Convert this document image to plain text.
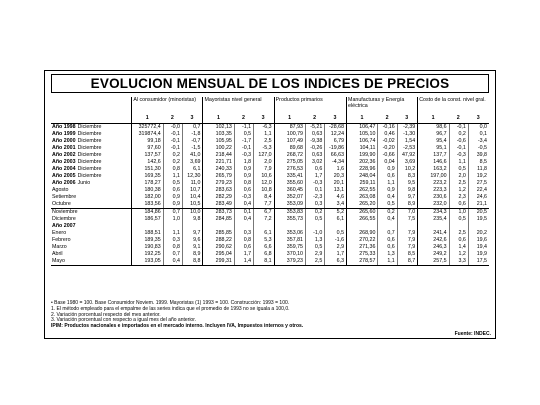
EVOLUCION MENSUAL DE LOS INDICES DE PRECIOS
	Al consumidor (minoristas)			Mayoristas nivel general			Productos primarios			Manufacturas y Energía eléctrica			Costo de la const. nivel gral.		
	1	2	3	1	2	3	1	2	3	1	2	3	1	2	3
Año 1998 Diciembre	325772,4	-0,0	0,7	102,13	-1,1	-6,3	87,93	-5,21	-28,68	106,47	-0,16	-2,39	98,6	-0,1	0,0
Año 1999 Diciembre	319874,4	-0,1	-1,8	103,35	0,5	1,1	100,79	0,63	12,24	105,10	0,46	-1,30	96,7	0,2	0,1
Año 2000 Diciembre	99,18	-0,1	-0,7	105,95	-1,7	2,5	107,49	-9,38	6,79	106,74	-0,02	1,54	95,4	-0,6	-3,4
Año 2001 Diciembre	97,60	-0,1	-1,5	100,22	-0,1	-5,3	89,68	-0,26	-19,86	104,11	-0,20	-2,53	95,1	-0,1	-0,5
Año 2002 Diciembre	137,57	0,2	41,0	218,44	-0,3	127,0	268,72	0,63	66,63	199,90	-0,66	47,92	137,7	-0,3	39,8
Año 2003 Diciembre	142,6	0,2	3,69	221,71	1,8	2,0	275,05	3,02	-4,34	202,36	0,04	3,69	146,6	1,1	8,5
Año 2004 Diciembre	151,30	0,8	6,1	240,33	0,9	7,9	276,53	0,6	1,6	228,96	0,9	10,2	163,2	0,5	11,8
Año 2005 Diciembre	169,35	1,1	12,30	265,79	0,9	10,6	335,41	1,7	20,3	248,04	0,6	8,3	197,00	2,0	19,2
Año 2006 Junio	178,27	0,5	11,0	279,23	0,8	12,0	355,60	-0,3	20,1	259,11	1,1	9,5	223,2	2,5	27,5
Agosto	180,38	0,6	10,7	283,63	0,6	10,8	360,45	0,1	13,1	262,55	0,9	9,8	223,3	1,2	22,4
Setiembre	182,00	0,9	10,4	282,29	-0,3	8,4	352,07	-2,3	4,6	263,08	0,4	9,7	230,6	2,3	24,6
Octubre	183,56	0,9	10,5	283,49	0,4	7,7	353,09	0,3	3,4	265,20	0,5	8,9	232,0	0,6	21,1
Noviembre	184,86	0,7	10,0	283,73	0,1	6,7	353,83	0,2	5,2	265,60	0,2	7,0	234,3	1,0	20,5
Diciembre	186,57	1,0	9,8	284,85	0,4	7,2	355,73	0,5	6,1	266,55	0,4	7,5	235,4	0,5	19,5
Año 2007															
Enero	188,51	1,1	9,7	285,85	0,3	6,1	353,06	-1,0	0,5	268,90	0,7	7,9	241,4	2,5	20,2
Febrero	189,35	0,3	9,6	288,22	0,8	5,3	357,81	1,3	-1,6	270,22	0,6	7,9	242,6	0,6	19,6
Marzo	190,83	0,8	9,1	290,62	0,6	6,6	359,75	0,5	2,9	271,36	0,6	7,9	246,3	1,4	19,4
Abril	192,25	0,7	8,9	295,04	1,7	6,8	370,10	2,9	1,7	275,33	1,3	8,5	249,2	1,2	19,9
Mayo	193,05	0,4	8,8	299,31	1,4	8,1	379,23	2,5	6,3	278,57	1,1	8,7	257,5	3,3	17,5
• Base 1980 = 100. Base Consumidor Noviem. 1999. Mayoristas (1) 1993 = 100. Construcción: 1993 = 100.
1. El método empleado para el empalme de las series indica que el promedio de 1993 no se iguala a 100,0.
2. Variación porcentual respecto del mes anterior.
3. Variación porcentual con respecto a igual mes del año anterior.
IPIM: Productos nacionales e importados en el mercado interno. Incluyen IVA, Impuestos internos y otros.
Fuente: INDEC.
